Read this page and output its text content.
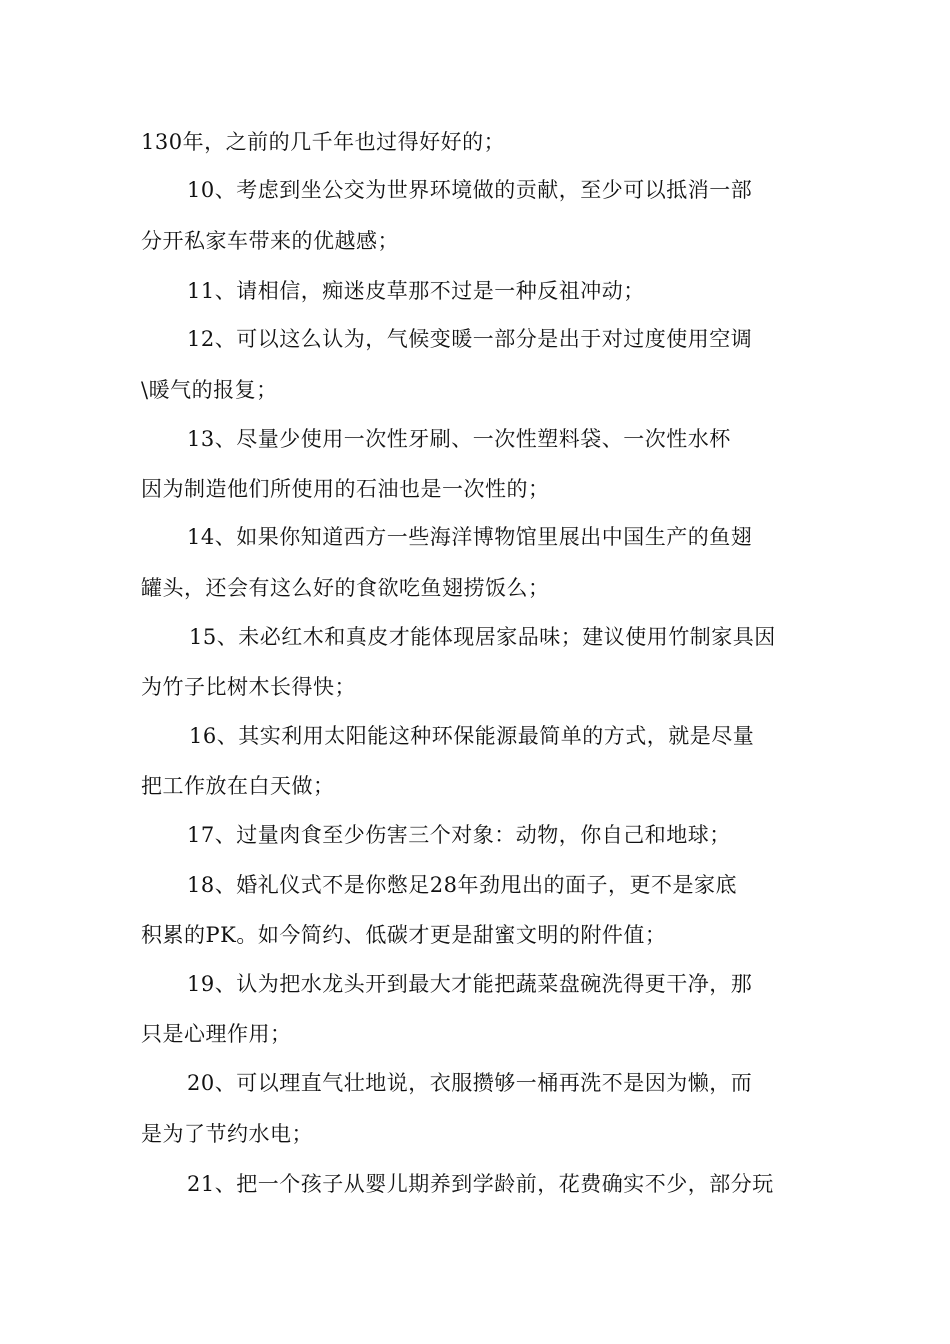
130年，之前的几千年也过得好好的；
10、考虑到坐公交为世界环境做的贡献，至少可以抵消一部
分开私家车带来的优越感；
11、请相信，痴迷皮草那不过是一种反祖冲动；
12、可以这么认为，气候变暖一部分是出于对过度使用空调
\暖气的报复；
13、尽量少使用一次性牙刷、一次性塑料袋、一次性水杯
因为制造他们所使用的石油也是一次性的；
14、如果你知道西方一些海洋博物馆里展出中国生产的鱼翅
罐头，还会有这么好的食欲吃鱼翅捞饭么；
15、未必红木和真皮才能体现居家品味；建议使用竹制家具因
为竹子比树木长得快；
16、其实利用太阳能这种环保能源最简单的方式，就是尽量
把工作放在白天做；
17、过量肉食至少伤害三个对象：动物，你自己和地球；
18、婚礼仪式不是你憋足28年劲甩出的面子，更不是家底
积累的PK。如今简约、低碳才更是甜蜜文明的附件值；
19、认为把水龙头开到最大才能把蔬菜盘碗洗得更干净，那
只是心理作用；
20、可以理直气壮地说，衣服攒够一桶再洗不是因为懒，而
是为了节约水电；
21、把一个孩子从婴儿期养到学龄前，花费确实不少，部分玩
